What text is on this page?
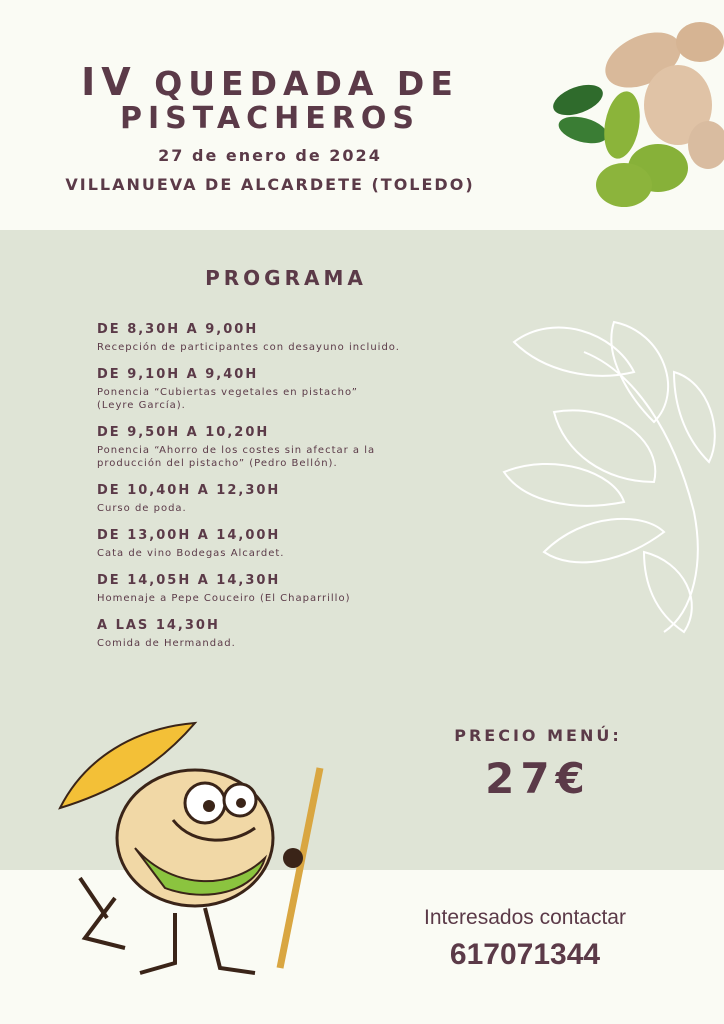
IV QUEDADA DE
PISTACHEROS
27 de enero de 2024
VILLANUEVA DE ALCARDETE (TOLEDO)
PROGRAMA
DE 8,30H A 9,00H
Recepción de participantes con desayuno incluido.
DE 9,10H A 9,40H
Ponencia “Cubiertas vegetales en pistacho”
(Leyre García).
DE 9,50H A 10,20H
Ponencia “Ahorro de los costes sin afectar a la
producción del pistacho” (Pedro Bellón).
DE 10,40H A 12,30H
Curso de poda.
DE 13,00H A 14,00H
Cata de vino Bodegas Alcardet.
DE 14,05H A 14,30H
Homenaje a Pepe Couceiro (El Chaparrillo)
A LAS 14,30H
Comida de Hermandad.
PRECIO MENÚ:
27€
Interesados contactar
617071344
